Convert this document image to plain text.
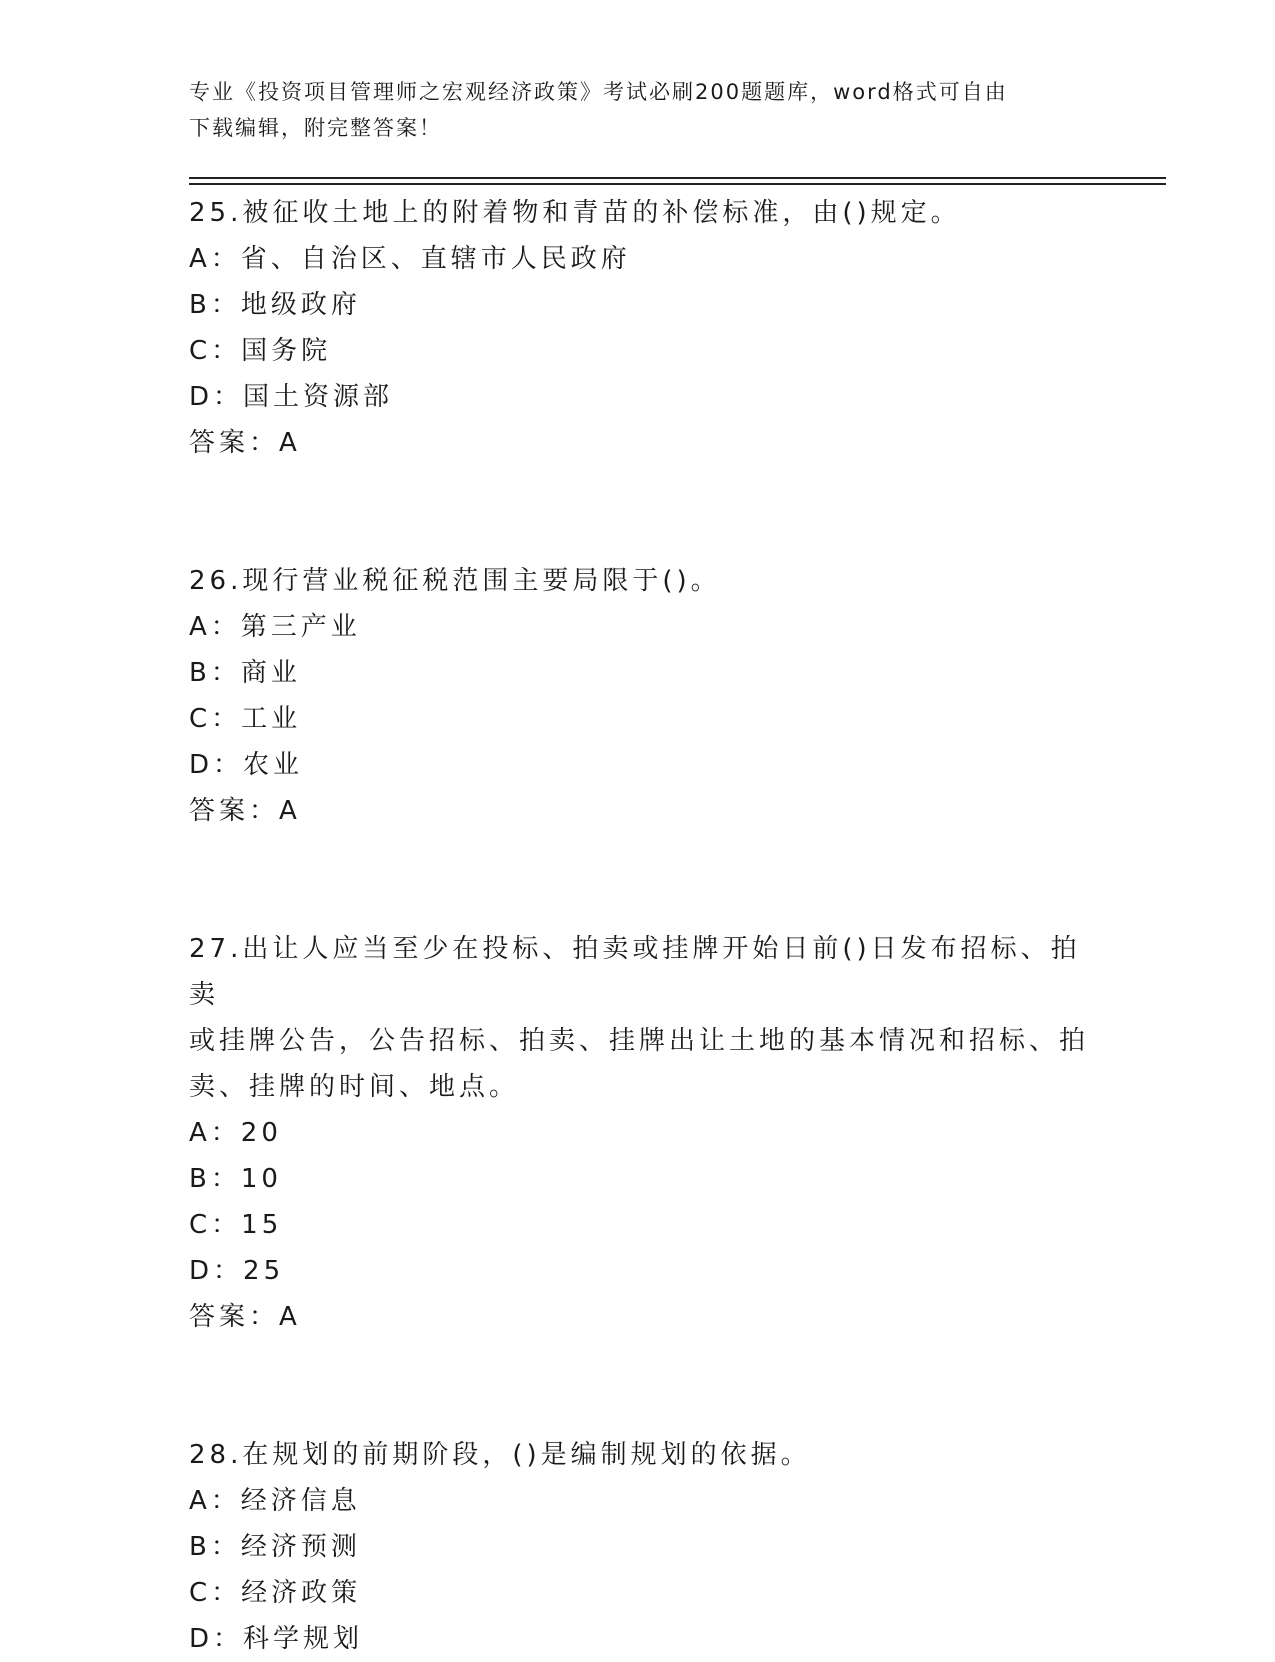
专业《投资项目管理师之宏观经济政策》考试必刷200题题库，word格式可自由
下载编辑，附完整答案！
25.被征收土地上的附着物和青苗的补偿标准，由()规定。
A：省、自治区、直辖市人民政府
B：地级政府
C：国务院
D：国土资源部
答案：A
26.现行营业税征税范围主要局限于()。
A：第三产业
B：商业
C：工业
D：农业
答案：A
27.出让人应当至少在投标、拍卖或挂牌开始日前()日发布招标、拍卖
或挂牌公告，公告招标、拍卖、挂牌出让土地的基本情况和招标、拍
卖、挂牌的时间、地点。
A：20
B：10
C：15
D：25
答案：A
28.在规划的前期阶段，()是编制规划的依据。
A：经济信息
B：经济预测
C：经济政策
D：科学规划
